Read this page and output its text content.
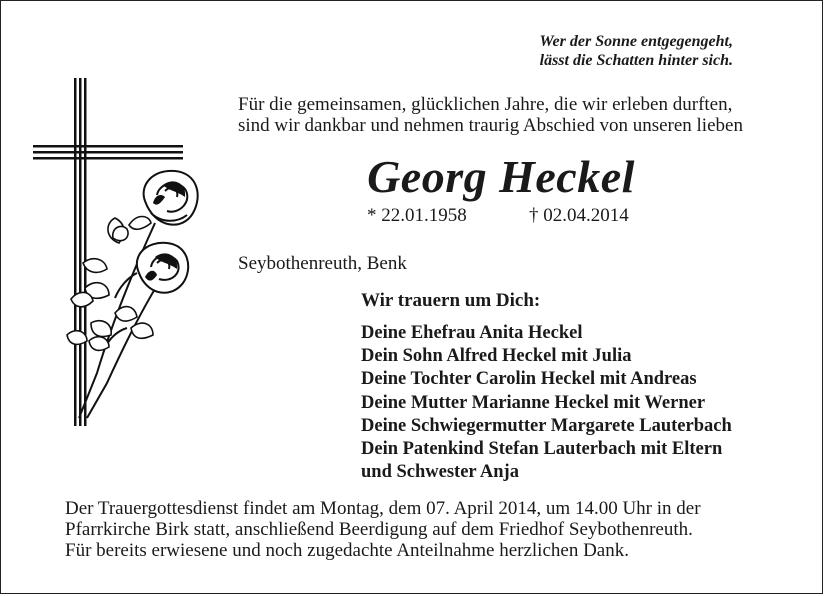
Wer der Sonne entgegengeht,
lässt die Schatten hinter sich.
Für die gemeinsamen, glücklichen Jahre, die wir erleben durften,
sind wir dankbar und nehmen traurig Abschied von unseren lieben
Georg Heckel
* 22.01.1958	† 02.04.2014
Seybothenreuth, Benk
Wir trauern um Dich:
Deine Ehefrau Anita Heckel
Dein Sohn Alfred Heckel mit Julia
Deine Tochter Carolin Heckel mit Andreas
Deine Mutter Marianne Heckel mit Werner
Deine Schwiegermutter Margarete Lauterbach
Dein Patenkind Stefan Lauterbach mit Eltern
und Schwester Anja
Der Trauergottesdienst findet am Montag, dem 07. April 2014, um 14.00 Uhr in der
Pfarrkirche Birk statt, anschließend Beerdigung auf dem Friedhof Seybothenreuth.
Für bereits erwiesene und noch zugedachte Anteilnahme herzlichen Dank.
